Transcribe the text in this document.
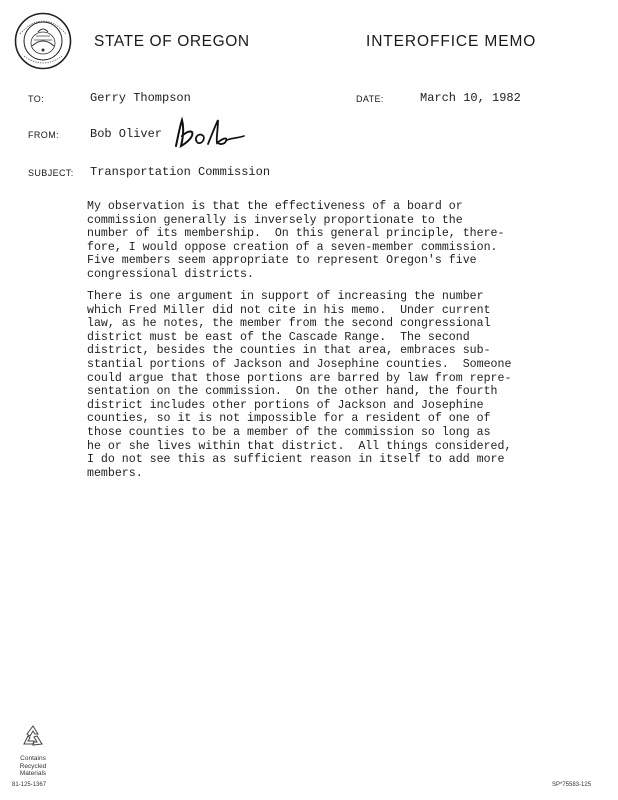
STATE OF OREGON	INTEROFFICE MEMO
TO:	Gerry Thompson	DATE:	March 10, 1982
FROM:	Bob Oliver
SUBJECT: Transportation Commission
My observation is that the effectiveness of a board or
commission generally is inversely proportionate to the
number of its membership.  On this general principle, there-
fore, I would oppose creation of a seven-member commission.
Five members seem appropriate to represent Oregon's five
congressional districts.
There is one argument in support of increasing the number
which Fred Miller did not cite in his memo.  Under current
law, as he notes, the member from the second congressional
district must be east of the Cascade Range.  The second
district, besides the counties in that area, embraces sub-
stantial portions of Jackson and Josephine counties.  Someone
could argue that those portions are barred by law from repre-
sentation on the commission.  On the other hand, the fourth
district includes other portions of Jackson and Josephine
counties, so it is not impossible for a resident of one of
those counties to be a member of the commission so long as
he or she lives within that district.  All things considered,
I do not see this as sufficient reason in itself to add more
members.
Contains
Recycled
Materials
81-125-1367	SP*75583-125
